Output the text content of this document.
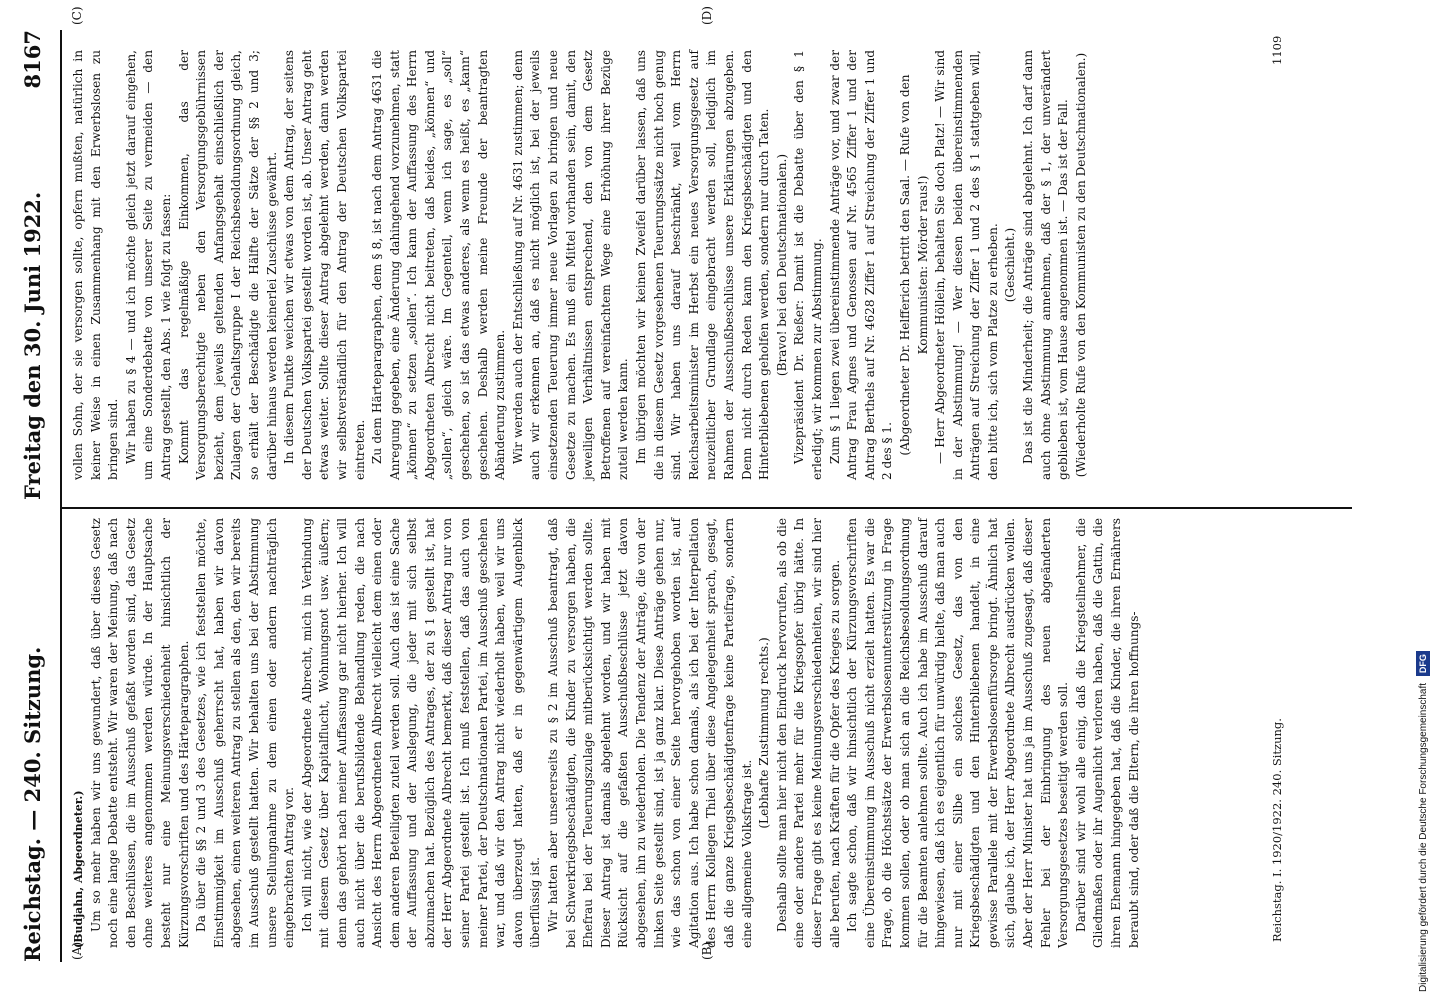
Reichstag. — 240. Sitzung.
Freitag den 30. Juni 1922.
8167
(A)	(B)
(C)	(D)

(Budjahn, Abgeordneter.) Um so mehr haben wir uns gewundert, daß über dieses Gesetz noch eine lange Debatte entsteht. Wir waren der Meinung, daß nach den Beschlüssen, die im Ausschuß gefaßt worden sind, das Gesetz ohne weiteres angenommen werden würde. In der Hauptsache besteht nur eine Meinungsverschiedenheit hinsichtlich der Kürzungsvorschriften und des Härteparagraphen. Da über die §§ 2 und 3 des Gesetzes, wie ich feststellen möchte, Einstimmigkeit im Ausschuß geherrscht hat, haben wir davon abgesehen, einen weiteren Antrag zu stellen als den, den wir bereits im Ausschuß gestellt hatten. Wir behalten uns bei der Abstimmung unsere Stellungnahme zu dem einen oder andern nachträglich eingebrachten Antrag vor. Ich will nicht, wie der Abgeordnete Albrecht, mich in Verbindung mit diesem Gesetz über Kapitalflucht, Wohnungsnot usw. äußern; denn das gehört nach meiner Auffassung gar nicht hierher. Ich will auch nicht über die berufsbildende Behandlung reden, die nach Ansicht des Herrn Abgeordneten Albrecht vielleicht dem einen oder dem anderen Beteiligten zuteil werden soll. Auch das ist eine Sache der Auffassung und der Auslegung, die jeder mit sich selbst abzumachen hat. Bezüglich des Antrages, der zu § 1 gestellt ist, hat der Herr Abgeordnete Albrecht bemerkt, daß dieser Antrag nur von seiner Partei gestellt ist. Ich muß feststellen, daß das auch von meiner Partei, der Deutschnationalen Partei, im Ausschuß geschehen war, und daß wir den Antrag nicht wiederholt haben, weil wir uns davon überzeugt hatten, daß er in gegenwärtigem Augenblick überflüssig ist. Wir hatten aber unsererseits zu § 2 im Ausschuß beantragt, daß bei Schwerkriegsbeschädigten, die Kinder zu versorgen haben, die Ehefrau bei der Teuerungszulage mitberücksichtigt werden sollte. Dieser Antrag ist damals abgelehnt worden, und wir haben mit Rücksicht auf die gefaßten Ausschußbeschlüsse jetzt davon abgesehen, ihn zu wiederholen. Die Tendenz der Anträge, die von der linken Seite gestellt sind, ist ja ganz klar. Diese Anträge gehen nur, wie das schon von einer Seite hervorgehoben worden ist, auf Agitation aus. Ich habe schon damals, als ich bei der Interpellation des Herrn Kollegen Thiel über diese Angelegenheit sprach, gesagt, daß die ganze Kriegsbeschädigtenfrage keine Parteifrage, sondern eine allgemeine Volksfrage ist.

(Lebhafte Zustimmung rechts.) Deshalb sollte man hier nicht den Eindruck hervorrufen, als ob die eine oder andere Partei mehr für die Kriegsopfer übrig hätte. In dieser Frage gibt es keine Meinungsverschiedenheiten, wir sind hier alle berufen, nach Kräften für die Opfer des Krieges zu sorgen. Ich sagte schon, daß wir hinsichtlich der Kürzungsvorschriften eine Übereinstimmung im Ausschuß nicht erzielt hatten. Es war die Frage, ob die Höchstsätze der Erwerbslosenunterstützung in Frage kommen sollen, oder ob man sich an die Reichsbesoldungsordnung für die Beamten anlehnen sollte. Auch ich habe im Ausschuß darauf hingewiesen, daß ich es eigentlich für unwürdig hielte, daß man auch nur mit einer Silbe ein solches Gesetz, das von den Kriegsbeschädigten und den Hinterbliebenen handelt, in eine gewisse Parallele mit der Erwerbslosenfürsorge bringt. Ähnlich hat sich, glaube ich, der Herr Abgeordnete Albrecht ausdrücken wollen. Aber der Herr Minister hat uns ja im Ausschuß zugesagt, daß dieser Fehler bei der Einbringung des neuen abgeänderten Versorgungsgesetzes beseitigt werden soll. Darüber sind wir wohl alle einig, daß die Kriegsteilnehmer, die Gliedmaßen oder ihr Augenlicht verloren haben, daß die Gattin, die ihren Ehemann hingegeben hat, daß die Kinder, die ihren Ernährers beraubt sind, oder daß die Eltern, die ihren hoffnungs-

vollen Sohn, der sie versorgen sollte, opfern mußten, natürlich in keiner Weise in einen Zusammenhang mit den Erwerbslosen zu bringen sind. Wir haben zu § 4 — und ich möchte gleich jetzt darauf eingehen, um eine Sonderdebatte von unserer Seite zu vermeiden — den Antrag gestellt, den Abs. 1 wie folgt zu fassen: Kommt das regelmäßige Einkommen, das der Versorgungsberechtigte neben den Versorgungsgebührnissen bezieht, dem jeweils geltenden Anfangsgehalt einschließlich der Zulagen der Gehaltsgruppe I der Reichsbesoldungsordnung gleich, so erhält der Beschädigte die Hälfte der Sätze der §§ 2 und 3; darüber hinaus werden keinerlei Zuschüsse gewährt. In diesem Punkte weichen wir etwas von dem Antrag, der seitens der Deutschen Volkspartei gestellt worden ist, ab. Unser Antrag geht etwas weiter. Sollte dieser Antrag abgelehnt werden, dann werden wir selbstverständlich für den Antrag der Deutschen Volkspartei eintreten. Zu dem Härteparagraphen, dem § 8, ist nach dem Antrag 4631 die Anregung gegeben, eine Änderung dahingehend vorzunehmen, statt „können“ zu setzen „sollen“. Ich kann der Auffassung des Herrn Abgeordneten Albrecht nicht beitreten, daß beides, „können“ und „sollen“, gleich wäre. Im Gegenteil, wenn ich sage, es „soll“ geschehen, so ist das etwas anderes, als wenn es heißt, es „kann“ geschehen. Deshalb werden meine Freunde der beantragten Abänderung zustimmen. Wir werden auch der Entschließung auf Nr. 4631 zustimmen; denn auch wir erkennen an, daß es nicht möglich ist, bei der jeweils einsetzenden Teuerung immer neue Vorlagen zu bringen und neue Gesetze zu machen. Es muß ein Mittel vorhanden sein, damit, den jeweiligen Verhältnissen entsprechend, den von dem Gesetz Betroffenen auf vereinfachtem Wege eine Erhöhung ihrer Bezüge zuteil werden kann. Im übrigen möchten wir keinen Zweifel darüber lassen, daß uns die in diesem Gesetz vorgesehenen Teuerungssätze nicht hoch genug sind. Wir haben uns darauf beschränkt, weil vom Herrn Reichsarbeitsminister im Herbst ein neues Versorgungsgesetz auf neuzeitlicher Grundlage eingebracht werden soll, lediglich im Rahmen der Ausschußbeschlüsse unsere Erklärungen abzugeben. Denn nicht durch Reden kann den Kriegsbeschädigten und den Hinterbliebenen geholfen werden, sondern nur durch Taten. (Bravo! bei den Deutschnationalen.) Vizepräsident Dr. Rießer: Damit ist die Debatte über den § 1 erledigt; wir kommen zur Abstimmung. Zum § 1 liegen zwei übereinstimmende Anträge vor, und zwar der Antrag Frau Agnes und Genossen auf Nr. 4565 Ziffer 1 und der Antrag Berthels auf Nr. 4628 Ziffer 1 auf Streichung der Ziffer 1 und 2 des § 1. (Abgeordneter Dr. Helfferich betritt den Saal. — Rufe von den Kommunisten: Mörder raus!) — Herr Abgeordneter Höllein, behalten Sie doch Platz! — Wir sind in der Abstimmung! — Wer diesen beiden übereinstimmenden Anträgen auf Streichung der Ziffer 1 und 2 des § 1 stattgeben will, den bitte ich, sich vom Platze zu erheben. (Geschieht.) Das ist die Minderheit; die Anträge sind abgelehnt. Ich darf dann auch ohne Abstimmung annehmen, daß der § 1, der unverändert geblieben ist, vom Hause angenommen ist. — Das ist der Fall. (Wiederholte Rufe von den Kommunisten zu den Deutschnationalen.)

Reichstag. I. 1920/1922. 240. Sitzung.
1109
Digitalisierung gefördert durch die Deutsche Forschungsgemeinschaft DFG
